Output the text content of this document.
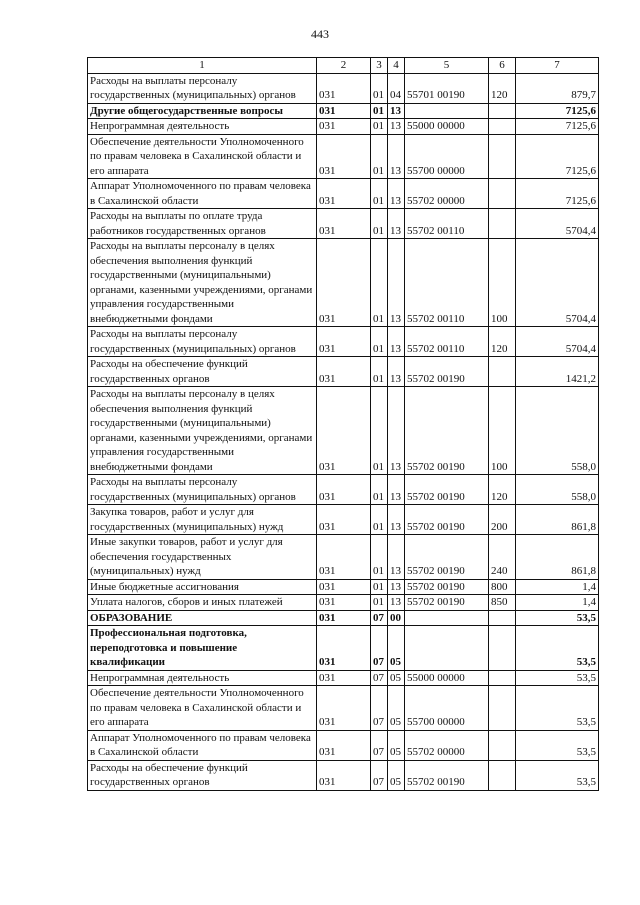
443
1	2	3	4	5	6	7
Расходы на выплаты персоналу государственных (муниципальных) органов	031	01	04	55701 00190	120	879,7
Другие общегосударственные вопросы	031	01	13			7125,6
Непрограммная деятельность	031	01	13	55000 00000		7125,6
Обеспечение деятельности Уполномоченного по правам человека в Сахалинской области и его аппарата	031	01	13	55700 00000		7125,6
Аппарат Уполномоченного по правам человека в Сахалинской области	031	01	13	55702 00000		7125,6
Расходы на выплаты по оплате труда работников государственных органов	031	01	13	55702 00110		5704,4
Расходы на выплаты персоналу в целях обеспечения выполнения функций государственными (муниципальными) органами, казенными учреждениями, органами управления государственными внебюджетными фондами	031	01	13	55702 00110	100	5704,4
Расходы на выплаты персоналу государственных (муниципальных) органов	031	01	13	55702 00110	120	5704,4
Расходы на обеспечение функций государственных органов	031	01	13	55702 00190		1421,2
Расходы на выплаты персоналу в целях обеспечения выполнения функций государственными (муниципальными) органами, казенными учреждениями, органами управления государственными внебюджетными фондами	031	01	13	55702 00190	100	558,0
Расходы на выплаты персоналу государственных (муниципальных) органов	031	01	13	55702 00190	120	558,0
Закупка товаров, работ и услуг для государственных (муниципальных) нужд	031	01	13	55702 00190	200	861,8
Иные закупки товаров, работ и услуг для обеспечения государственных (муниципальных) нужд	031	01	13	55702 00190	240	861,8
Иные бюджетные ассигнования	031	01	13	55702 00190	800	1,4
Уплата налогов, сборов и иных платежей	031	01	13	55702 00190	850	1,4
ОБРАЗОВАНИЕ	031	07	00			53,5
Профессиональная подготовка, переподготовка и повышение квалификации	031	07	05			53,5
Непрограммная деятельность	031	07	05	55000 00000		53,5
Обеспечение деятельности Уполномоченного по правам человека в Сахалинской области и его аппарата	031	07	05	55700 00000		53,5
Аппарат Уполномоченного по правам человека в Сахалинской области	031	07	05	55702 00000		53,5
Расходы на обеспечение функций государственных органов	031	07	05	55702 00190		53,5
